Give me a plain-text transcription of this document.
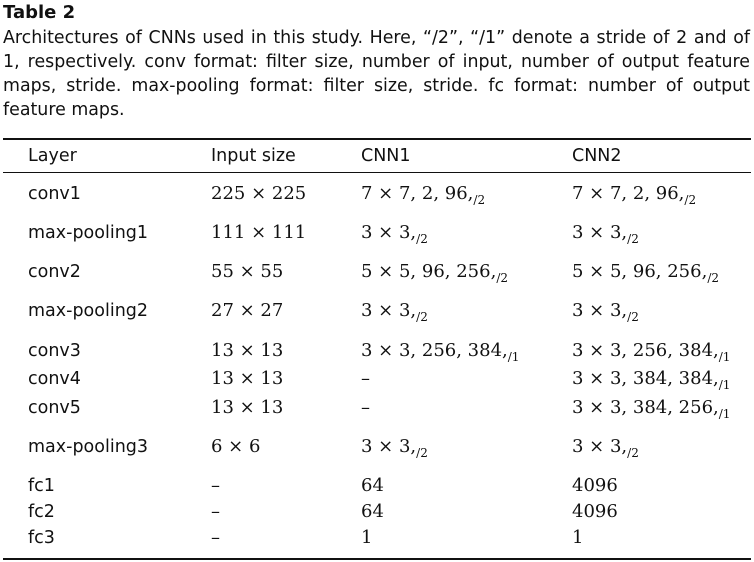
Table 2
Architectures of CNNs used in this study. Here, “/2”, “/1” denote a stride of 2 and of 1, respectively. conv format: filter size, number of input, number of output feature maps, stride. max-pooling format: filter size, stride. fc format: number of output feature maps.
Layer	Input size	CNN1	CNN2
conv1	225 × 225	7 × 7, 2, $96,_{/2}$	7 × 7, 2, $96,_{/2}$
max-pooling1	111 × 111	$3 \times 3,_{/2}$	$3 \times 3,_{/2}$
conv2	55 × 55	5 × 5, 96, $256,_{/2}$	5 × 5, 96, $256,_{/2}$
max-pooling2	27 × 27	$3 \times 3,_{/2}$	$3 \times 3,_{/2}$
conv3	13 × 13	3 × 3, 256, $384,_{/1}$	3 × 3, 256, $384,_{/1}$
conv4	13 × 13	–	3 × 3, 384, $384,_{/1}$
conv5	13 × 13	–	3 × 3, 384, $256,_{/1}$
max-pooling3	6 × 6	$3 \times 3,_{/2}$	$3 \times 3,_{/2}$
fc1	–	64	4096
fc2	–	64	4096
fc3	–	1	1
